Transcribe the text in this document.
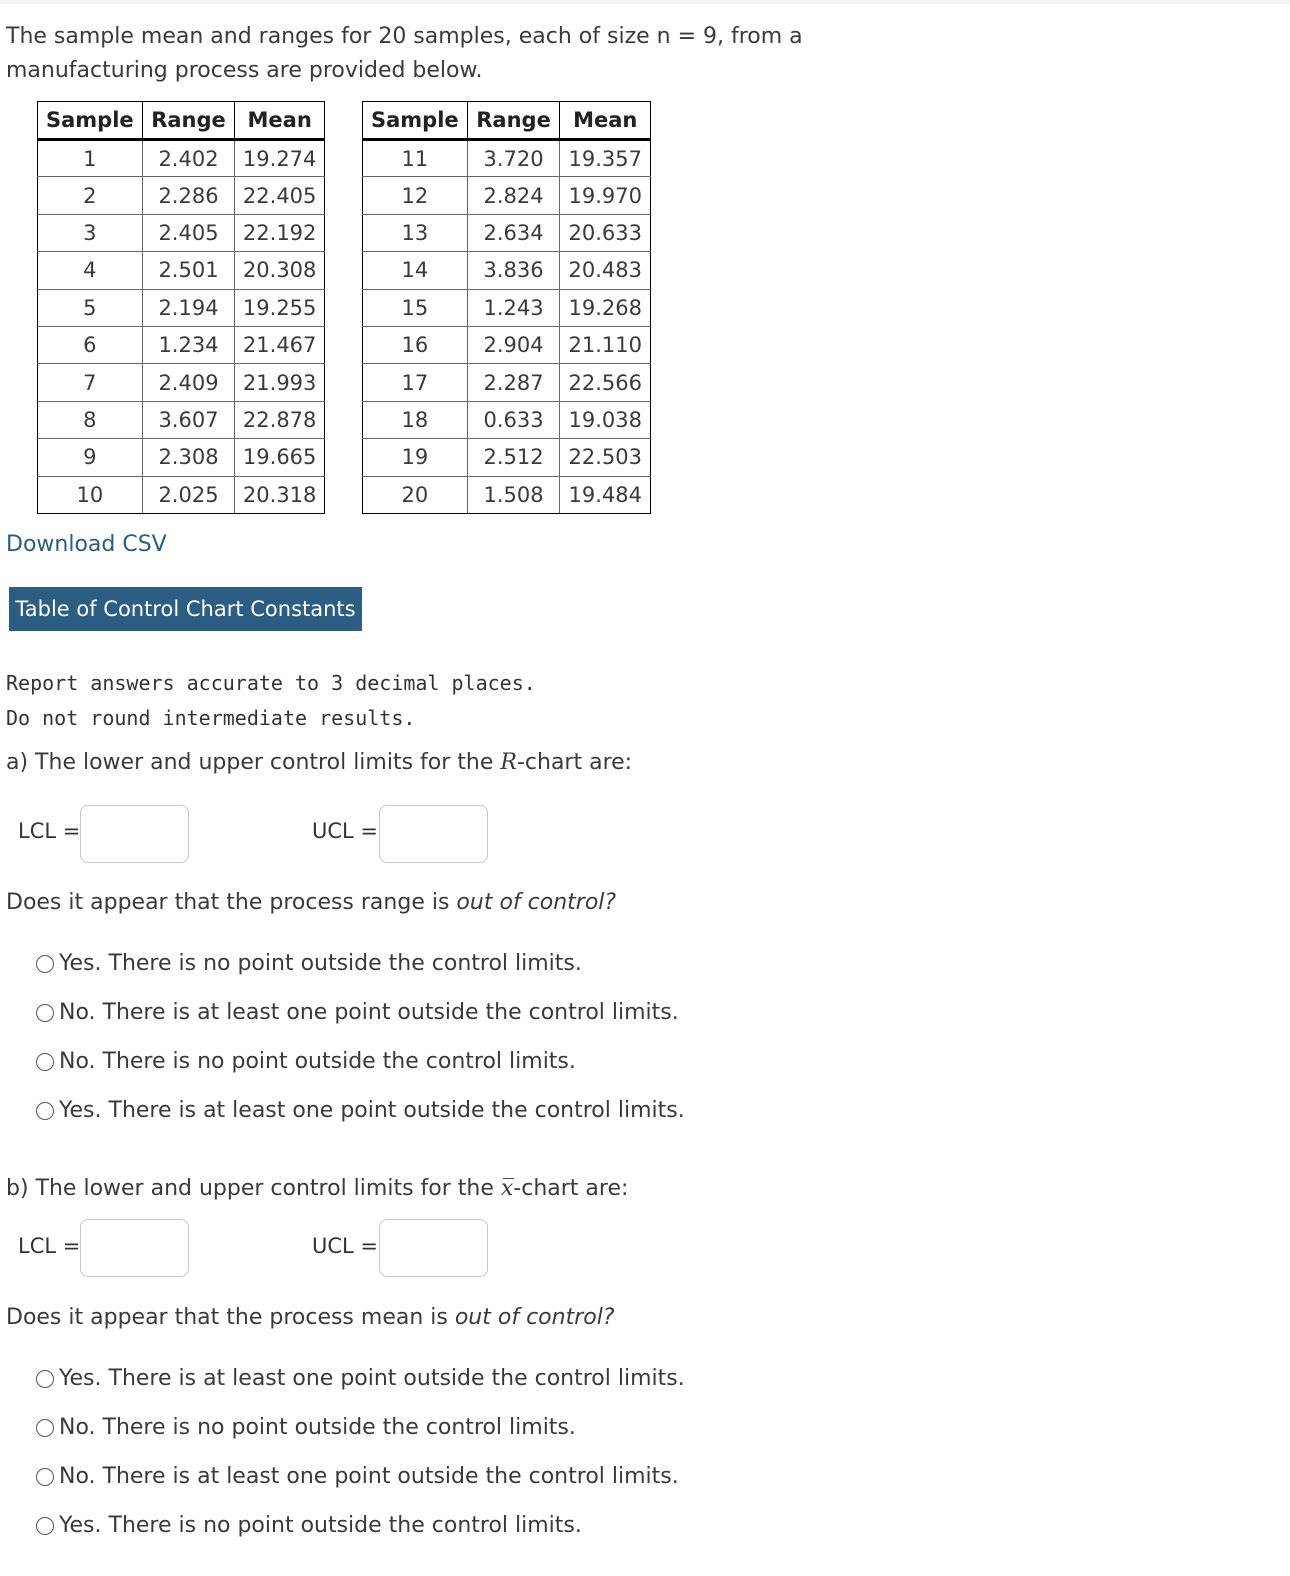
The sample mean and ranges for 20 samples, each of size n = 9, from a manufacturing process are provided below.

Sample	Range	Mean
1	2.402	19.274
2	2.286	22.405
3	2.405	22.192
4	2.501	20.308
5	2.194	19.255
6	1.234	21.467
7	2.409	21.993
8	3.607	22.878
9	2.308	19.665
10	2.025	20.318
Sample	Range	Mean
11	3.720	19.357
12	2.824	19.970
13	2.634	20.633
14	3.836	20.483
15	1.243	19.268
16	2.904	21.110
17	2.287	22.566
18	0.633	19.038
19	2.512	22.503
20	1.508	19.484
Download CSV
Table of Control Chart Constants
Report answers accurate to 3 decimal places.
Do not round intermediate results.
a) The lower and upper control limits for the R-chart are:
LCL =	UCL =
Does it appear that the process range is out of control?
Yes. There is no point outside the control limits.
No. There is at least one point outside the control limits.
No. There is no point outside the control limits.
Yes. There is at least one point outside the control limits.
b) The lower and upper control limits for the x̅-chart are:
LCL =	UCL =
Does it appear that the process mean is out of control?
Yes. There is at least one point outside the control limits.
No. There is no point outside the control limits.
No. There is at least one point outside the control limits.
Yes. There is no point outside the control limits.
